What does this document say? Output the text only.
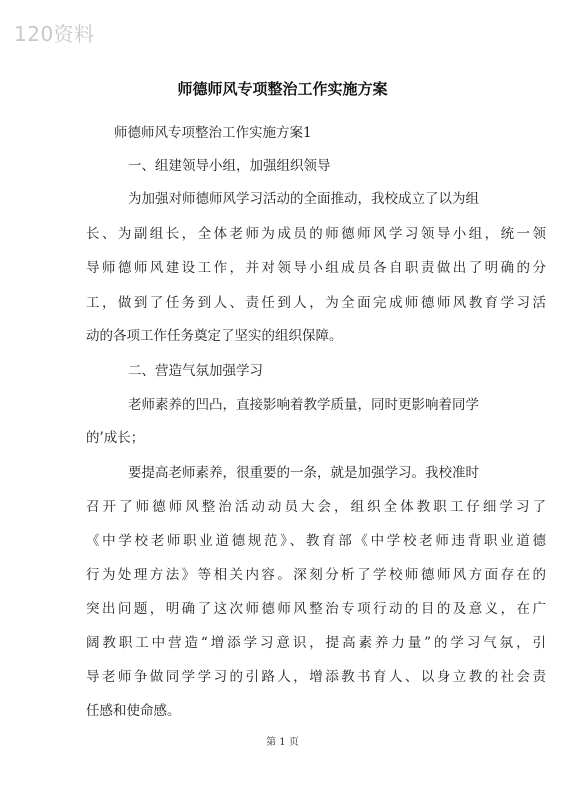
120资料
师德师风专项整治工作实施方案
师德师风专项整治工作实施方案1
一、组建领导小组，加强组织领导
为加强对师德师风学习活动的全面推动，我校成立了以为组
长、为副组长，全体老师为成员的师德师风学习领导小组，统一领
导师德师风建设工作，并对领导小组成员各自职责做出了明确的分
工，做到了任务到人、责任到人，为全面完成师德师风教育学习活
动的各项工作任务奠定了坚实的组织保障。
二、营造气氛加强学习
老师素养的凹凸，直接影响着教学质量，同时更影响着同学
的’成长；
要提高老师素养，很重要的一条，就是加强学习。我校准时
召开了师德师风整治活动动员大会，组织全体教职工仔细学习了
《中学校老师职业道德规范》、教育部《中学校老师违背职业道德
行为处理方法》等相关内容。深刻分析了学校师德师风方面存在的
突出问题，明确了这次师德师风整治专项行动的目的及意义，在广
阔教职工中营造“增添学习意识，提高素养力量”的学习气氛，引
导老师争做同学学习的引路人，增添教书育人、以身立教的社会责
任感和使命感。
第 1 页
